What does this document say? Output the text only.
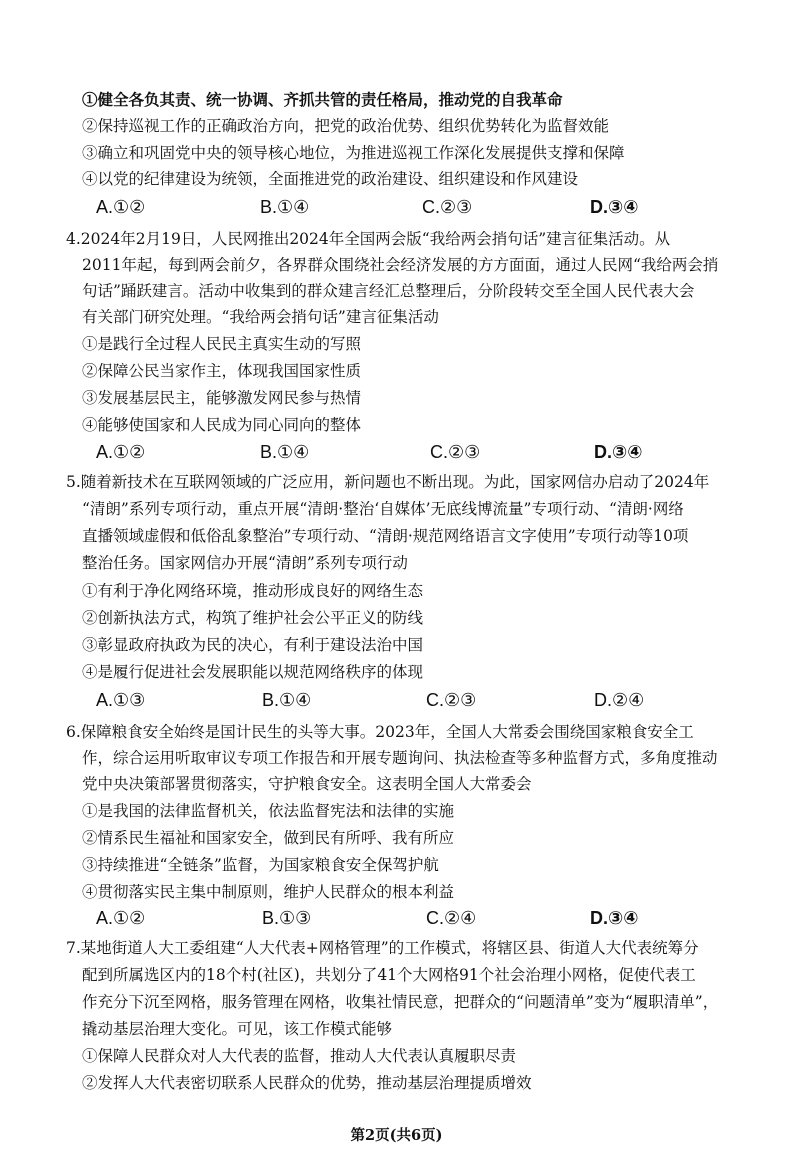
①健全各负其责、统一协调、齐抓共管的责任格局，推动党的自我革命
②保持巡视工作的正确政治方向，把党的政治优势、组织优势转化为监督效能
③确立和巩固党中央的领导核心地位，为推进巡视工作深化发展提供支撑和保障
④以党的纪律建设为统领，全面推进党的政治建设、组织建设和作风建设
A.①②	B.①④	C.②③	D.③④
4.2024年2月19日，人民网推出2024年全国两会版“我给两会捎句话”建言征集活动。从
2011年起，每到两会前夕，各界群众围绕社会经济发展的方方面面，通过人民网“我给两会捎
句话”踊跃建言。活动中收集到的群众建言经汇总整理后，分阶段转交至全国人民代表大会
有关部门研究处理。“我给两会捎句话”建言征集活动
①是践行全过程人民民主真实生动的写照
②保障公民当家作主，体现我国国家性质
③发展基层民主，能够激发网民参与热情
④能够使国家和人民成为同心同向的整体
A.①②	B.①④	C.②③	D.③④
5.随着新技术在互联网领域的广泛应用，新问题也不断出现。为此，国家网信办启动了2024年
“清朗”系列专项行动，重点开展“清朗·整治‘自媒体’无底线博流量”专项行动、“清朗·网络
直播领域虚假和低俗乱象整治”专项行动、“清朗·规范网络语言文字使用”专项行动等10项
整治任务。国家网信办开展“清朗”系列专项行动
①有利于净化网络环境，推动形成良好的网络生态
②创新执法方式，构筑了维护社会公平正义的防线
③彰显政府执政为民的决心，有利于建设法治中国
④是履行促进社会发展职能以规范网络秩序的体现
A.①③	B.①④	C.②③	D.②④
6.保障粮食安全始终是国计民生的头等大事。2023年，全国人大常委会围绕国家粮食安全工
作，综合运用听取审议专项工作报告和开展专题询问、执法检查等多种监督方式，多角度推动
党中央决策部署贯彻落实，守护粮食安全。这表明全国人大常委会
①是我国的法律监督机关，依法监督宪法和法律的实施
②情系民生福祉和国家安全，做到民有所呼、我有所应
③持续推进“全链条”监督，为国家粮食安全保驾护航
④贯彻落实民主集中制原则，维护人民群众的根本利益
A.①②	B.①③	C.②④	D.③④
7.某地街道人大工委组建“人大代表+网格管理”的工作模式，将辖区县、街道人大代表统筹分
配到所属选区内的18个村(社区)，共划分了41个大网格91个社会治理小网格，促使代表工
作充分下沉至网格，服务管理在网格，收集社情民意，把群众的“问题清单”变为“履职清单”，
撬动基层治理大变化。可见，该工作模式能够
①保障人民群众对人大代表的监督，推动人大代表认真履职尽责
②发挥人大代表密切联系人民群众的优势，推动基层治理提质增效
第2页(共6页)
